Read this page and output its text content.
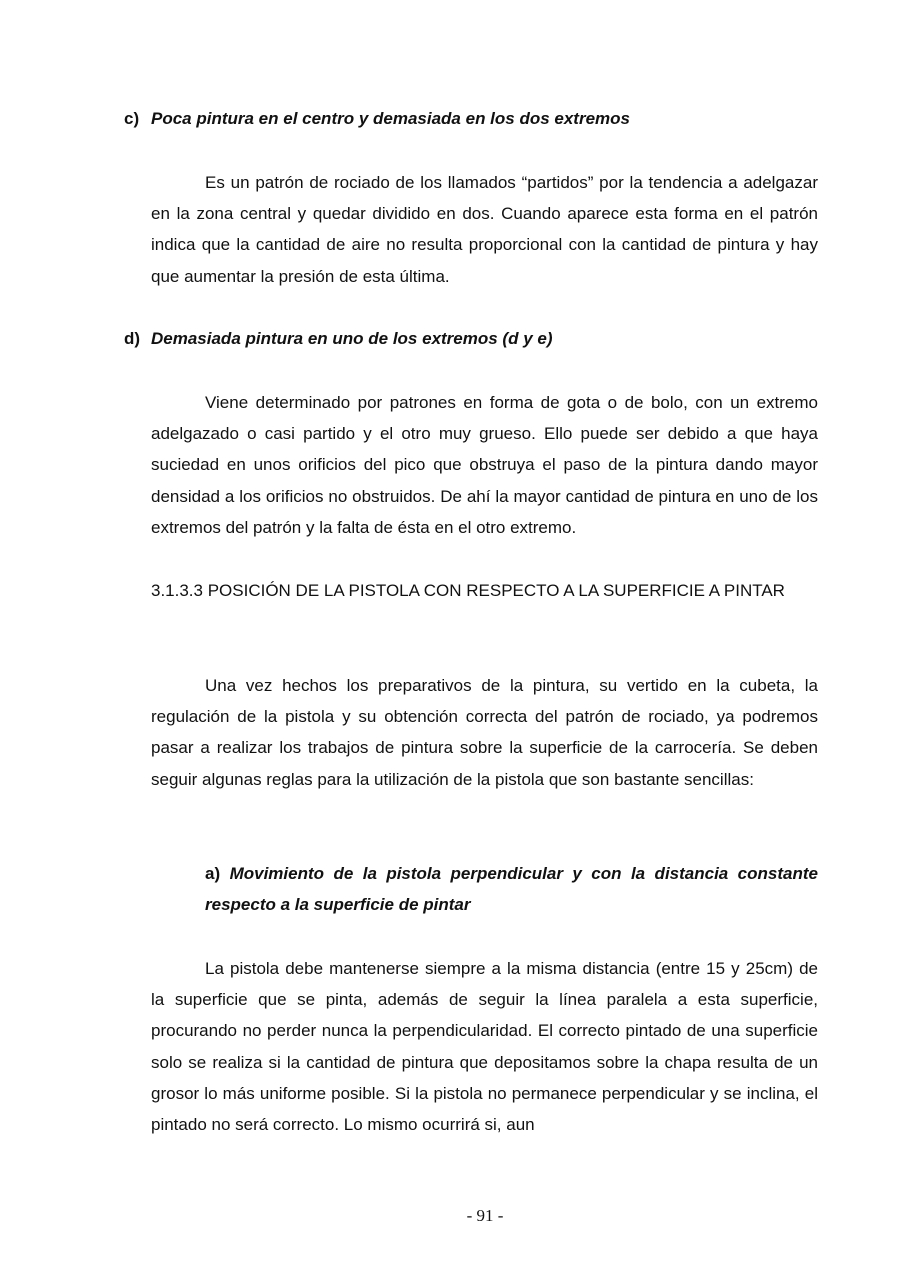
c) Poca pintura en el centro y demasiada en los dos extremos

Es un patrón de rociado de los llamados “partidos” por la tendencia a adelgazar en la zona central y quedar dividido en dos. Cuando aparece esta forma en el patrón indica que la cantidad de aire no resulta proporcional con la cantidad de pintura y hay que aumentar la presión de esta última.

d) Demasiada pintura en uno de los extremos (d y e)

Viene determinado por patrones en forma de gota o de bolo, con un extremo adelgazado o casi partido y el otro muy grueso. Ello puede ser debido a que haya suciedad en unos orificios del pico que obstruya el paso de la pintura dando mayor densidad a los orificios no obstruidos. De ahí la mayor cantidad de pintura en uno de los extremos del patrón y la falta de ésta en el otro extremo.

3.1.3.3 POSICIÓN DE LA PISTOLA CON RESPECTO A LA SUPERFICIE A PINTAR

Una vez hechos los preparativos de la pintura, su vertido en la cubeta, la regulación de la pistola y su obtención correcta del patrón de rociado, ya podremos pasar a realizar los trabajos de pintura sobre la superficie de la carrocería. Se deben seguir algunas reglas para la utilización de la pistola que son bastante sencillas:

a) Movimiento de la pistola perpendicular y con la distancia constante respecto a la superficie de pintar

La pistola debe mantenerse siempre a la misma distancia (entre 15 y 25cm) de la superficie que se pinta, además de seguir la línea paralela a esta superficie, procurando no perder nunca la perpendicularidad. El correcto pintado de una superficie solo se realiza si la cantidad de pintura que depositamos sobre la chapa resulta de un grosor lo más uniforme posible. Si la pistola no permanece perpendicular y se inclina, el pintado no será correcto. Lo mismo ocurrirá si, aun

- 91 -
